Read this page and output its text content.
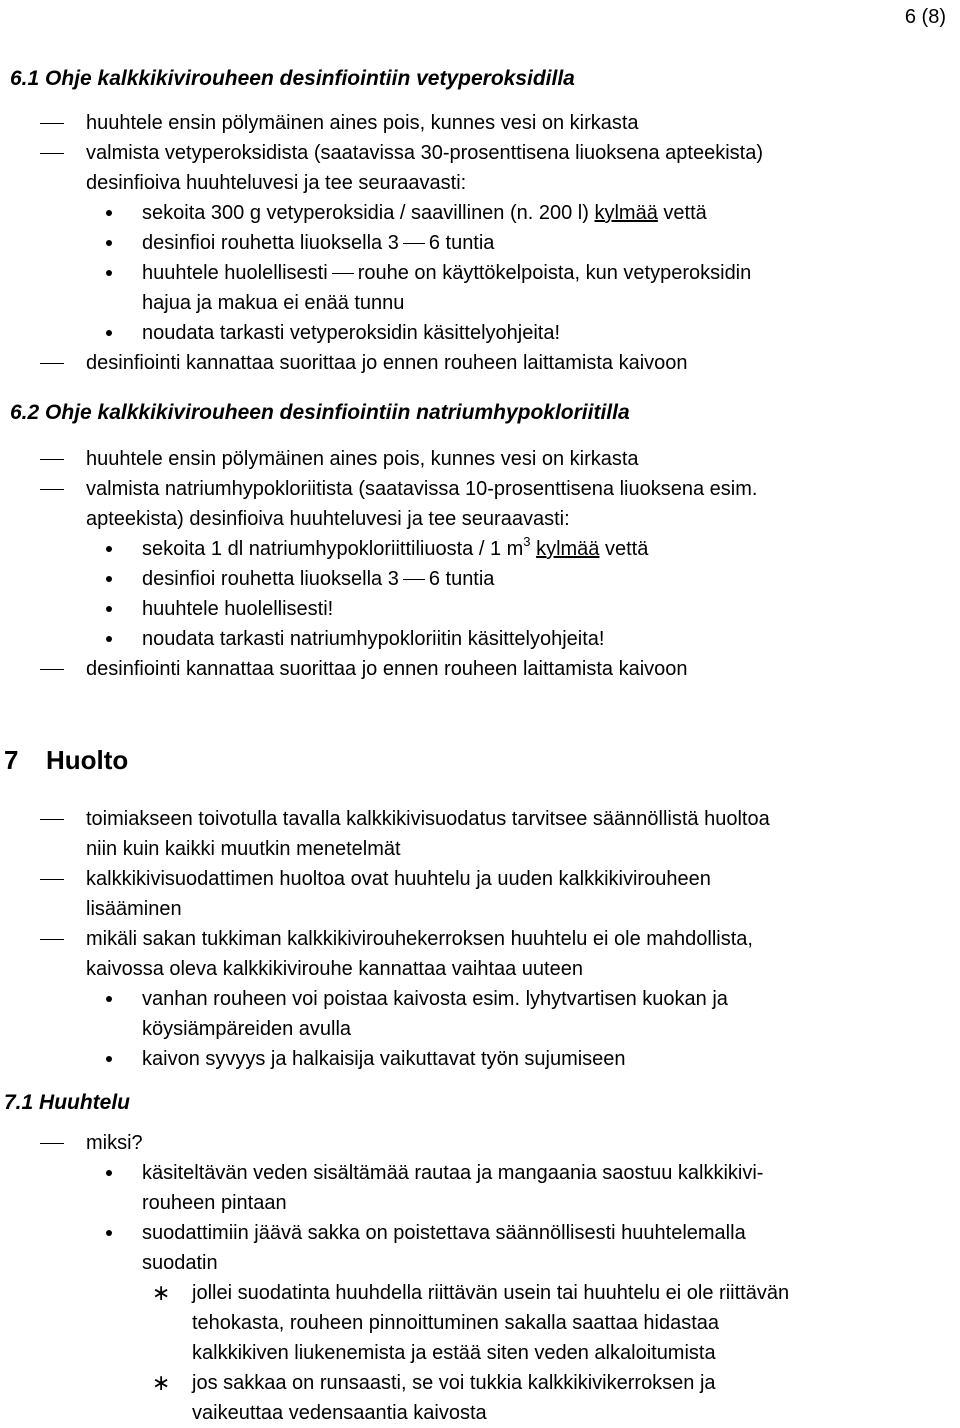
6 (8)
6.1 Ohje kalkkikivirouheen desinfiointiin vetyperoksidilla
huuhtele ensin pölymäinen aines pois, kunnes vesi on kirkasta
valmista vetyperoksidista (saatavissa 30-prosenttisena liuoksena apteekista)
desinfioiva huuhteluvesi ja tee seuraavasti:
sekoita 300 g vetyperoksidia / saavillinen (n. 200 l) kylmää vettä
desinfioi rouhetta liuoksella 3 6 tuntia
huuhtele huolellisesti rouhe on käyttökelpoista, kun vetyperoksidin
hajua ja makua ei enää tunnu
noudata tarkasti vetyperoksidin käsittelyohjeita!
desinfiointi kannattaa suorittaa jo ennen rouheen laittamista kaivoon
6.2 Ohje kalkkikivirouheen desinfiointiin natriumhypokloriitilla
huuhtele ensin pölymäinen aines pois, kunnes vesi on kirkasta
valmista natriumhypokloriitista (saatavissa 10-prosenttisena liuoksena esim.
apteekista) desinfioiva huuhteluvesi ja tee seuraavasti:
sekoita 1 dl natriumhypokloriittiliuosta / 1 $m^3$ kylmää vettä
desinfioi rouhetta liuoksella 3 6 tuntia
huuhtele huolellisesti!
noudata tarkasti natriumhypokloriitin käsittelyohjeita!
desinfiointi kannattaa suorittaa jo ennen rouheen laittamista kaivoon
7 Huolto
toimiakseen toivotulla tavalla kalkkikivisuodatus tarvitsee säännöllistä huoltoa
niin kuin kaikki muutkin menetelmät
kalkkikivisuodattimen huoltoa ovat huuhtelu ja uuden kalkkikivirouheen
lisääminen
mikäli sakan tukkiman kalkkikivirouhekerroksen huuhtelu ei ole mahdollista,
kaivossa oleva kalkkikivirouhe kannattaa vaihtaa uuteen
vanhan rouheen voi poistaa kaivosta esim. lyhytvartisen kuokan ja
köysiämpäreiden avulla
kaivon syvyys ja halkaisija vaikuttavat työn sujumiseen
7.1 Huuhtelu
miksi?
käsiteltävän veden sisältämää rautaa ja mangaania saostuu kalkkikivi-
rouheen pintaan
suodattimiin jäävä sakka on poistettava säännöllisesti huuhtelemalla
suodatin
∗ jollei suodatinta huuhdella riittävän usein tai huuhtelu ei ole riittävän
tehokasta, rouheen pinnoittuminen sakalla saattaa hidastaa
kalkkikiven liukenemista ja estää siten veden alkaloitumista
∗ jos sakkaa on runsaasti, se voi tukkia kalkkikivikerroksen ja
vaikeuttaa vedensaantia kaivosta
